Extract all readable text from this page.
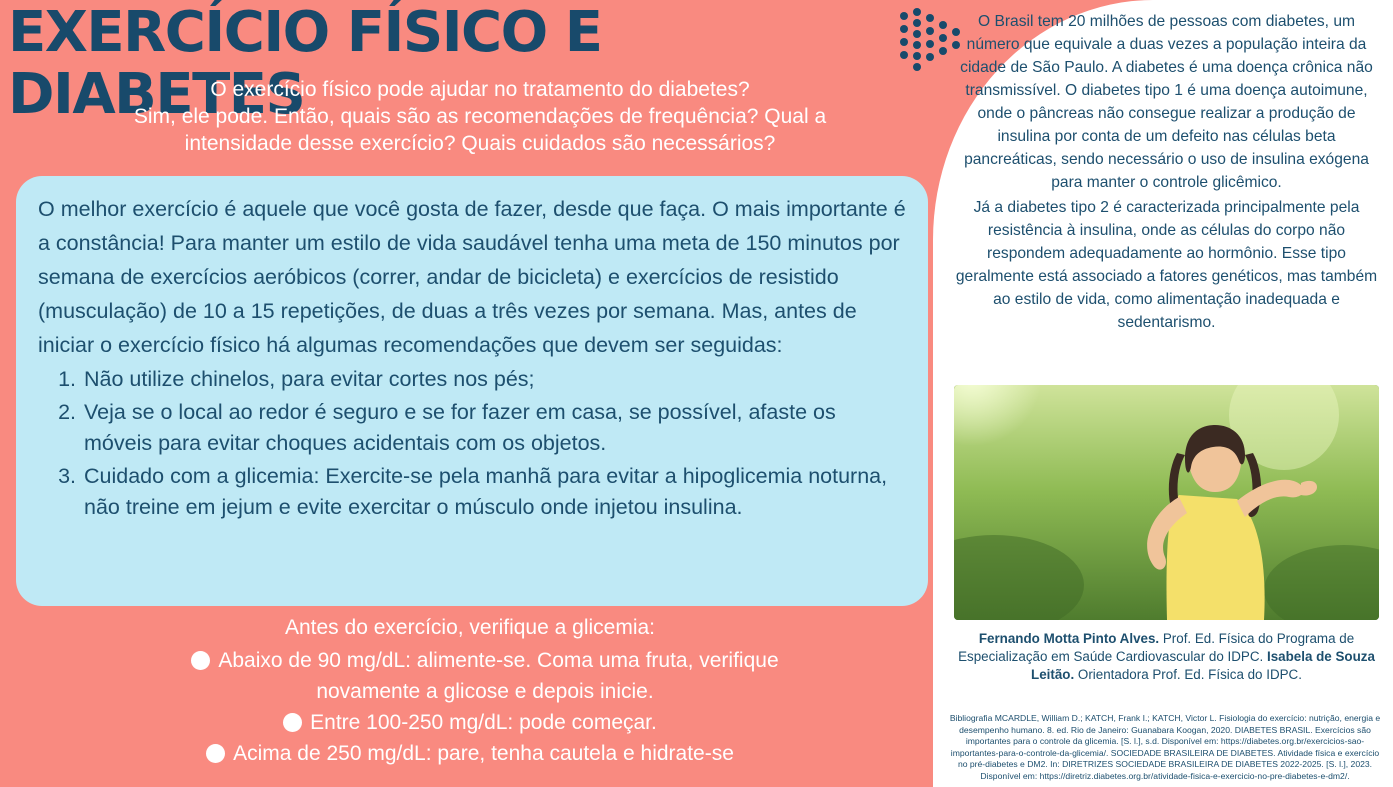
EXERCÍCIO FÍSICO E DIABETES
O exercício físico pode ajudar no tratamento do diabetes?
Sim, ele pode. Então, quais são as recomendações de frequência? Qual a
intensidade desse exercício? Quais cuidados são necessários?

O melhor exercício é aquele que você gosta de fazer, desde que faça. O mais importante é a constância! Para manter um estilo de vida saudável tenha uma meta de 150 minutos por semana de exercícios aeróbicos (correr, andar de bicicleta) e exercícios de resistido (musculação) de 10 a 15 repetições, de duas a três vezes por semana. Mas, antes de iniciar o exercício físico há algumas recomendações que devem ser seguidas:

1. Não utilize chinelos, para evitar cortes nos pés;
2. Veja se o local ao redor é seguro e se for fazer em casa, se possível, afaste os móveis para evitar choques acidentais com os objetos.
3. Cuidado com a glicemia: Exercite-se pela manhã para evitar a hipoglicemia noturna, não treine em jejum e evite exercitar o músculo onde injetou insulina.
Antes do exercício, verifique a glicemia:
Abaixo de 90 mg/dL: alimente-se. Coma uma fruta, verifique
novamente a glicose e depois inicie.
Entre 100-250 mg/dL: pode começar.
Acima de 250 mg/dL: pare, tenha cautela e hidrate-se

O Brasil tem 20 milhões de pessoas com diabetes, um número que equivale a duas vezes a população inteira da cidade de São Paulo. A diabetes é uma doença crônica não transmissível. O diabetes tipo 1 é uma doença autoimune, onde o pâncreas não consegue realizar a produção de insulina por conta de um defeito nas células beta pancreáticas, sendo necessário o uso de insulina exógena para manter o controle glicêmico.

Já a diabetes tipo 2 é caracterizada principalmente pela resistência à insulina, onde as células do corpo não respondem adequadamente ao hormônio. Esse tipo geralmente está associado a fatores genéticos, mas também ao estilo de vida, como alimentação inadequada e sedentarismo.

Fernando Motta Pinto Alves. Prof. Ed. Física do Programa de Especialização em Saúde Cardiovascular do IDPC. Isabela de Souza Leitão. Orientadora Prof. Ed. Física do IDPC.
Bibliografia MCARDLE, William D.; KATCH, Frank I.; KATCH, Victor L. Fisiologia do exercício: nutrição, energia e desempenho humano. 8. ed. Rio de Janeiro: Guanabara Koogan, 2020. DIABETES BRASIL. Exercícios são importantes para o controle da glicemia. [S. l.], s.d. Disponível em: https://diabetes.org.br/exercicios-sao-importantes-para-o-controle-da-glicemia/. SOCIEDADE BRASILEIRA DE DIABETES. Atividade física e exercício no pré-diabetes e DM2. In: DIRETRIZES SOCIEDADE BRASILEIRA DE DIABETES 2022-2025. [S. l.], 2023. Disponível em: https://diretriz.diabetes.org.br/atividade-fisica-e-exercicio-no-pre-diabetes-e-dm2/.
